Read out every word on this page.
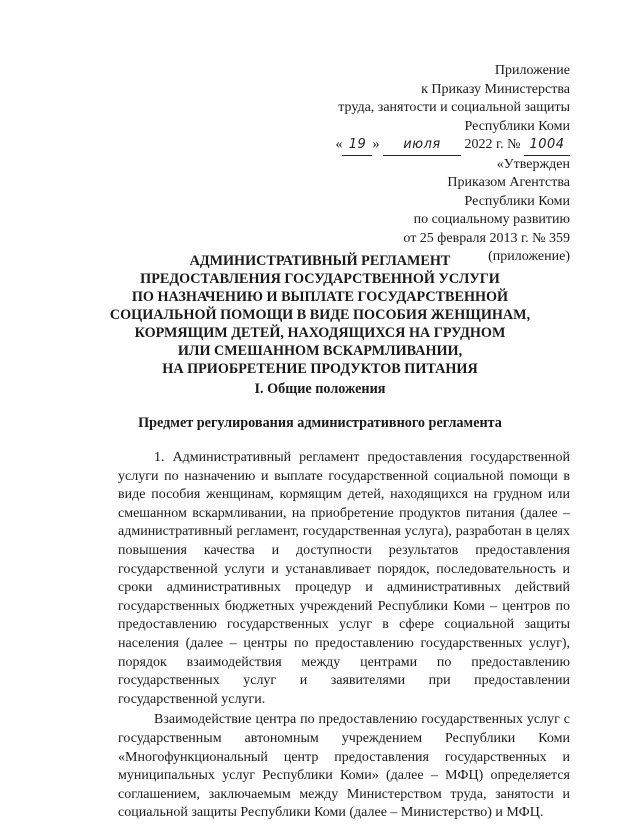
Приложение
к Приказу Министерства
труда, занятости и социальной защиты
Республики Коми
« 19 » июля 2022 г. № 1004
«Утвержден
Приказом Агентства
Республики Коми
по социальному развитию
от 25 февраля 2013 г. № 359
(приложение)
АДМИНИСТРАТИВНЫЙ РЕГЛАМЕНТ
ПРЕДОСТАВЛЕНИЯ ГОСУДАРСТВЕННОЙ УСЛУГИ
ПО НАЗНАЧЕНИЮ И ВЫПЛАТЕ ГОСУДАРСТВЕННОЙ
СОЦИАЛЬНОЙ ПОМОЩИ В ВИДЕ ПОСОБИЯ ЖЕНЩИНАМ,
КОРМЯЩИМ ДЕТЕЙ, НАХОДЯЩИХСЯ НА ГРУДНОМ
ИЛИ СМЕШАННОМ ВСКАРМЛИВАНИИ,
НА ПРИОБРЕТЕНИЕ ПРОДУКТОВ ПИТАНИЯ
I. Общие положения
Предмет регулирования административного регламента

1. Административный регламент предоставления государственной услуги по назначению и выплате государственной социальной помощи в виде пособия женщинам, кормящим детей, находящихся на грудном или смешанном вскармливании, на приобретение продуктов питания (далее – административный регламент, государственная услуга), разработан в целях повышения качества и доступности результатов предоставления государственной услуги и устанавливает порядок, последовательность и сроки административных процедур и административных действий государственных бюджетных учреждений Республики Коми – центров по предоставлению государственных услуг в сфере социальной защиты населения (далее – центры по предоставлению государственных услуг), порядок взаимодействия между центрами по предоставлению государственных услуг и заявителями при предоставлении государственной услуги.

Взаимодействие центра по предоставлению государственных услуг с государственным автономным учреждением Республики Коми «Многофункциональный центр предоставления государственных и муниципальных услуг Республики Коми» (далее – МФЦ) определяется соглашением, заключаемым между Министерством труда, занятости и социальной защиты Республики Коми (далее – Министерство) и МФЦ.
